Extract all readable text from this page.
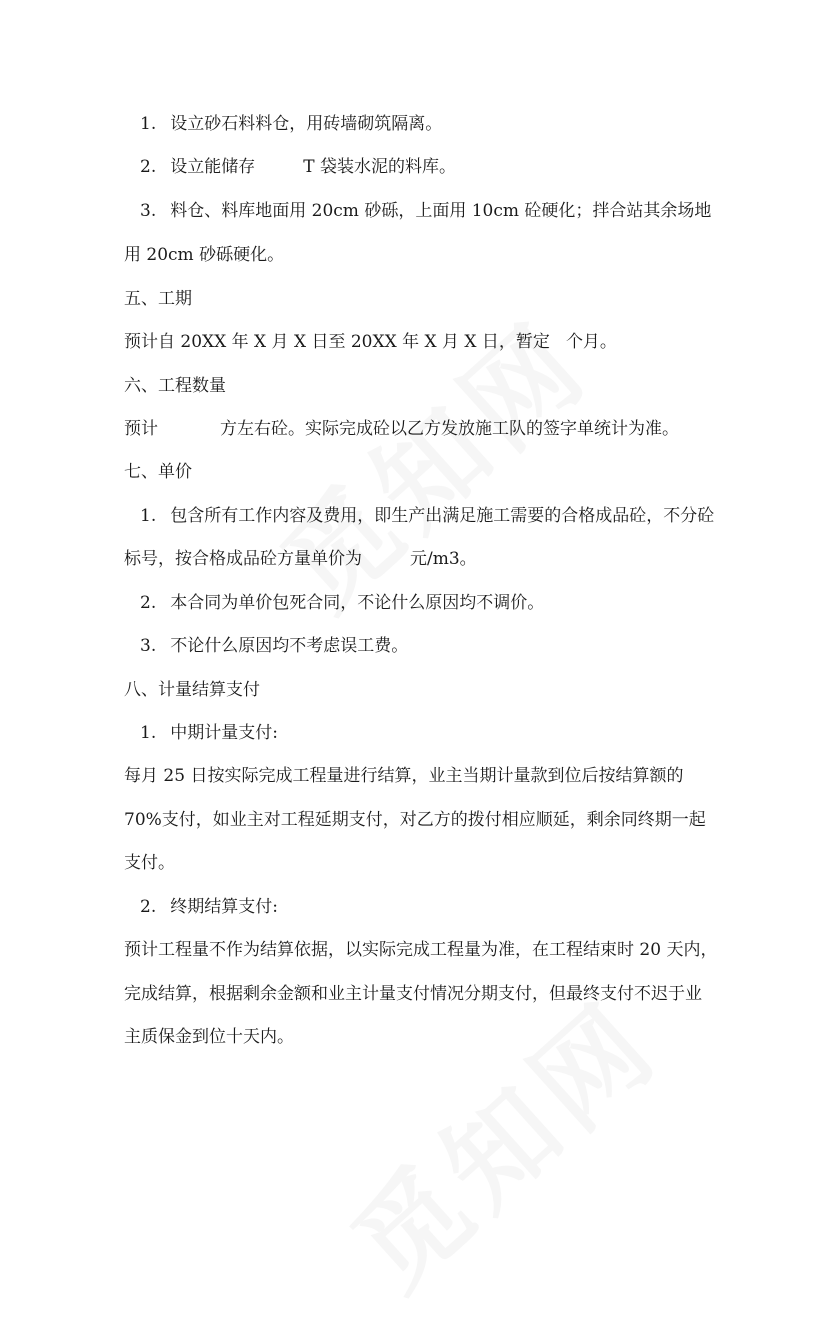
1. 设立砂石料料仓，用砖墙砌筑隔离。
2. 设立能储存	T 袋装水泥的料库。
3. 料仓、料库地面用 20cm 砂砾，上面用 10cm 砼硬化；拌合站其余场地
用 20cm 砂砾硬化。
五、工期
预计自 20XX 年 X 月 X 日至 20XX 年 X 月 X 日，暂定 个月。
六、工程数量
预计	方左右砼。实际完成砼以乙方发放施工队的签字单统计为准。
七、单价
1. 包含所有工作内容及费用，即生产出满足施工需要的合格成品砼，不分砼
标号，按合格成品砼方量单价为	元/m3。
2. 本合同为单价包死合同，不论什么原因均不调价。
3. 不论什么原因均不考虑误工费。
八、计量结算支付
1. 中期计量支付:
每月 25 日按实际完成工程量进行结算，业主当期计量款到位后按结算额的
70%支付，如业主对工程延期支付，对乙方的拨付相应顺延，剩余同终期一起
支付。
2. 终期结算支付:
预计工程量不作为结算依据，以实际完成工程量为准，在工程结束时 20 天内，
完成结算，根据剩余金额和业主计量支付情况分期支付，但最终支付不迟于业
主质保金到位十天内。
